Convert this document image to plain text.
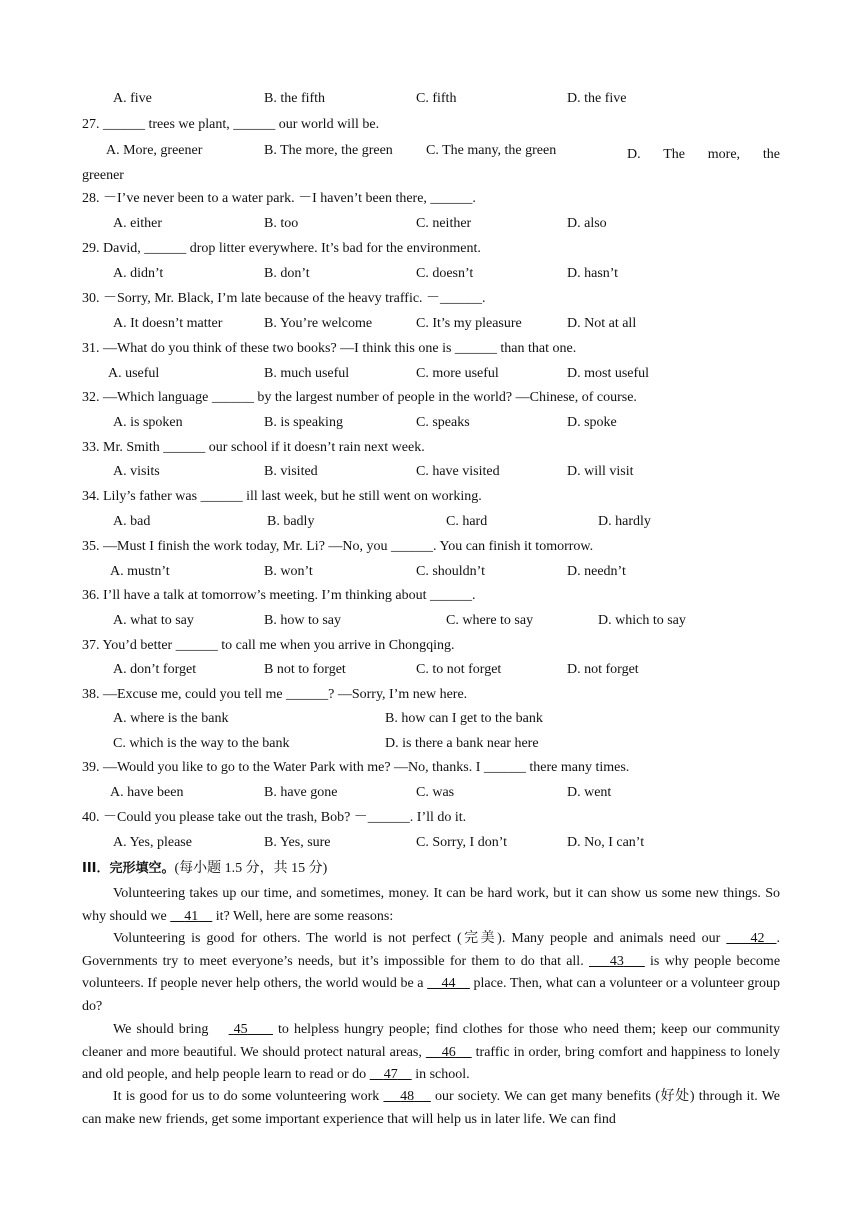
A. five	B. the fifth	C. fifth	D. the five
27. ______ trees we plant, ______ our world will be.
A. More, greener	B. The more, the green C. The many, the green	D. The more, the
greener
28. －I’ve never been to a water park. －I haven’t been there, ______.
A. either	B. too	C. neither	D. also
29. David, ______ drop litter everywhere. It’s bad for the environment.
A. didn’t	B. don’t	C. doesn’t	D. hasn’t
30. －Sorry, Mr. Black, I’m late because of the heavy traffic. －______.
A. It doesn’t matter	B. You’re welcome	C. It’s my pleasure	D. Not at all
31. —What do you think of these two books? —I think this one is ______ than that one.
A. useful	B. much useful	C. more useful	D. most useful
32. —Which language ______ by the largest number of people in the world? —Chinese, of course.
A. is spoken	B. is speaking	C. speaks	D. spoke
33. Mr. Smith ______ our school if it doesn’t rain next week.
A. visits	B. visited	C. have visited	D. will visit
34. Lily’s father was ______ ill last week, but he still went on working.
A. bad	B. badly	C. hard	D. hardly
35. —Must I finish the work today, Mr. Li? —No, you ______. You can finish it tomorrow.
A. mustn’t	B. won’t	C. shouldn’t	D. needn’t
36. I’ll have a talk at tomorrow’s meeting. I’m thinking about ______.
A. what to say	B. how to say	C. where to say	D. which to say
37. You’d better ______ to call me when you arrive in Chongqing.
A. don’t forget	B not to forget	C. to not forget	D. not forget
38. —Excuse me, could you tell me ______? —Sorry, I’m new here.
A. where is the bank	B. how can I get to the bank
C. which is the way to the bank	D. is there a bank near here
39. —Would you like to go to the Water Park with me? —No, thanks. I ______ there many times.
A. have been	B. have gone	C. was	D. went
40. －Could you please take out the trash, Bob? －______. I’ll do it.
A. Yes, please	B. Yes, sure	C. Sorry, I don’t	D. No, I can’t
III．完形填空。(每小题 1.5 分，共 15 分)
Volunteering takes up our time, and sometimes, money. It can be hard work, but it can show us some new things. So why should we     41     it? Well, here are some reasons:
Volunteering is good for others. The world is not perfect (完美). Many people and animals need our     42 . Governments try to meet everyone’s needs, but it’s impossible for them to do that all.     43     is why people become volunteers. If people never help others, the world would be a     44     place. Then, what can a volunteer or a volunteer group do?
We should bring     45      to helpless hungry people; find clothes for those who need them; keep our community cleaner and more beautiful. We should protect natural areas,     46     traffic in order, bring comfort and happiness to lonely and old people, and help people learn to read or do     47     in school.
It is good for us to do some volunteering work     48     our society. We can get many benefits (好处) through it. We can make new friends, get some important experience that will help us in later life. We can find
